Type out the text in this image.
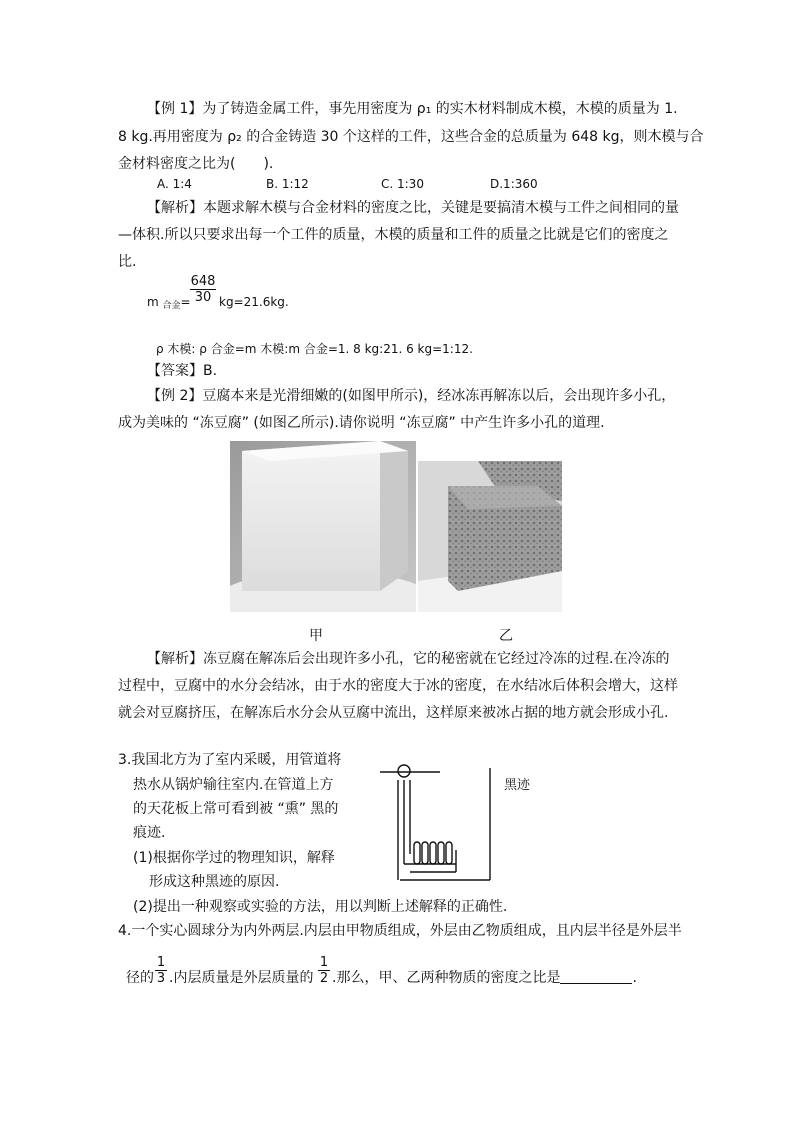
【例 1】为了铸造金属工件，事先用密度为 ρ₁ 的实木材料制成木模，木模的质量为 1.
8 kg.再用密度为 ρ₂ 的合金铸造 30 个这样的工件，这些合金的总质量为 648 kg，则木模与合
金材料密度之比为(　　).
A. 1:4	B. 1:12	C. 1:30	D.1:360
【解析】本题求解木模与合金材料的密度之比，关键是要搞清木模与工件之间相同的量
—体积.所以只要求出每一个工件的质量，木模的质量和工件的质量之比就是它们的密度之
比.
m $_{合金}= \frac{648}{30} kg=21.6kg$.
ρ 木模: ρ 合金=m 木模:m 合金=1. 8 kg:21. 6 kg=1:12.
【答案】B.
【例 2】豆腐本来是光滑细嫩的(如图甲所示)，经冰冻再解冻以后，会出现许多小孔，
成为美味的 “冻豆腐” (如图乙所示).请你说明 “冻豆腐” 中产生许多小孔的道理.
甲	乙
【解析】冻豆腐在解冻后会出现许多小孔，它的秘密就在它经过冷冻的过程.在冷冻的
过程中，豆腐中的水分会结冰，由于水的密度大于冰的密度，在水结冰后体积会增大，这样
就会对豆腐挤压，在解冻后水分会从豆腐中流出，这样原来被冰占据的地方就会形成小孔.
3.我国北方为了室内采暖，用管道将
热水从锅炉输往室内.在管道上方
的天花板上常可看到被 “熏” 黑的
痕迹.
(1)根据你学过的物理知识，解释
形成这种黑迹的原因.
(2)提出一种观察或实验的方法，用以判断上述解释的正确性.
黑迹
4.一个实心圆球分为内外两层.内层由甲物质组成，外层由乙物质组成，且内层半径是外层半
径的 $\frac{1}{3}$ .内层质量是外层质量的 $\frac{1}{2}$ .那么，甲、乙两种物质的密度之比是	.
